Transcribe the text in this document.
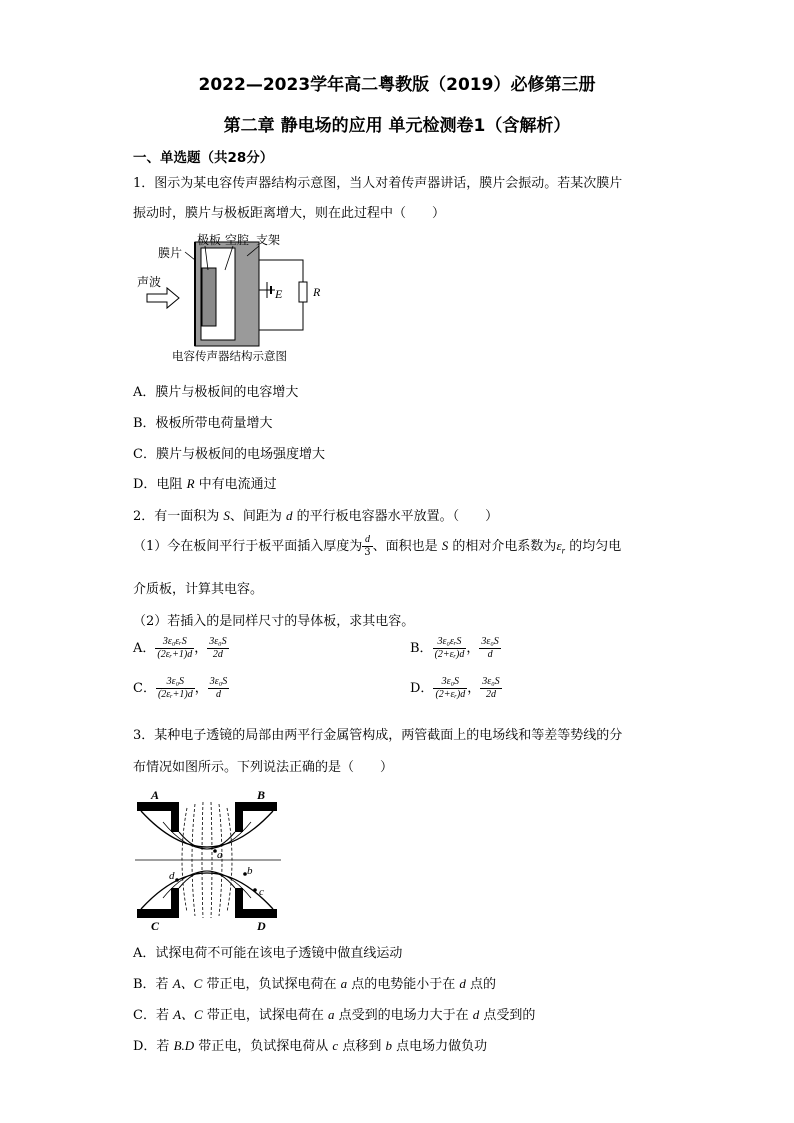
2022—2023学年高二粤教版（2019）必修第三册
第二章 静电场的应用 单元检测卷1（含解析）
一、单选题（共28分）
1．图示为某电容传声器结构示意图，当人对着传声器讲话，膜片会振动。若某次膜片
振动时，膜片与极板距离增大，则在此过程中（　　）
膜片
极板 空腔 支架
声波
E	R
电容传声器结构示意图
A．膜片与极板间的电容增大
B．极板所带电荷量增大
C．膜片与极板间的电场强度增大
D．电阻 R 中有电流通过
2．有一面积为 S、间距为 d 的平行板电容器水平放置。（　　）
（1）今在板间平行于板平面插入厚度为 $\frac{d}{3}$ 、面积也是 S 的相对介电系数为$\varepsilon_r$ 的均匀电
介质板，计算其电容。
（2）若插入的是同样尺寸的导体板，求其电容。
A． $\frac{\text{3ε₀εᵣS}}{\text{(2εᵣ+1)d}}$ ， $\frac{\text{3ε₀S}}{2d}$	B． $\frac{\text{3ε₀εᵣS}}{\text{(2+εᵣ)d}}$ ， $\frac{\text{3ε₀S}}{d}$
C． $\frac{\text{3ε₀S}}{\text{(2εᵣ+1)d}}$ ， $\frac{\text{3ε₀S}}{d}$	D． $\frac{\text{3ε₀S}}{\text{(2+εᵣ)d}}$ ， $\frac{\text{3ε₀S}}{2d}$
3．某种电子透镜的局部由两平行金属管构成，两管截面上的电场线和等差等势线的分
布情况如图所示。下列说法正确的是（　　）
A	B
C	D
a
d	b
c
A．试探电荷不可能在该电子透镜中做直线运动
B．若 A、C 带正电，负试探电荷在 a 点的电势能小于在 d 点的
C．若 A、C 带正电，试探电荷在 a 点受到的电场力大于在 d 点受到的
D．若 B.D 带正电，负试探电荷从 c 点移到 b 点电场力做负功
